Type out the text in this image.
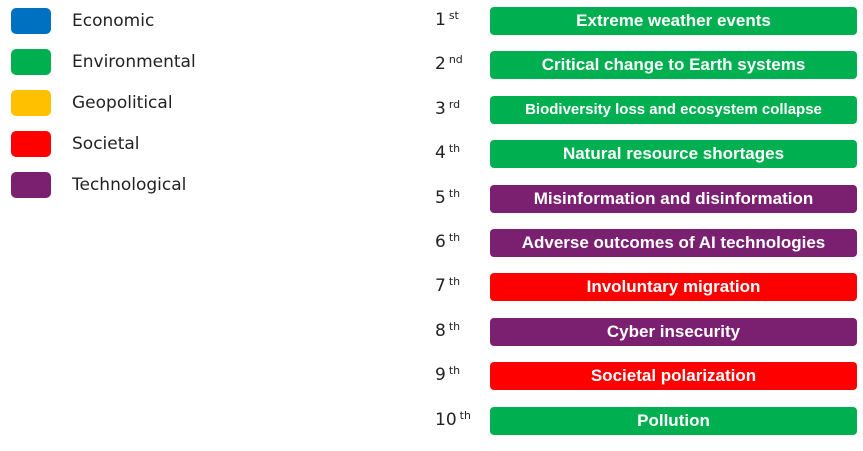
Economic
Environmental
Geopolitical
Societal
Technological
1 $^{st}$	Extreme weather events
2 $^{nd}$	Critical change to Earth systems
3 $^{rd}$	Biodiversity loss and ecosystem collapse
4 $^{th}$	Natural resource shortages
5 $^{th}$	Misinformation and disinformation
6 $^{th}$	Adverse outcomes of AI technologies
7 $^{th}$	Involuntary migration
8 $^{th}$	Cyber insecurity
9 $^{th}$	Societal polarization
10 $^{th}$	Pollution
